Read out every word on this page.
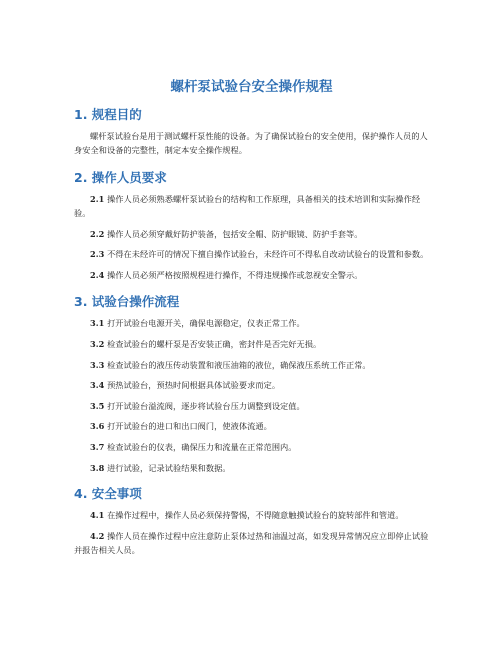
螺杆泵试验台安全操作规程
1. 规程目的

螺杆泵试验台是用于测试螺杆泵性能的设备。为了确保试验台的安全使用，保护操作人员的人身安全和设备的完整性，制定本安全操作规程。

2. 操作人员要求

2.1 操作人员必须熟悉螺杆泵试验台的结构和工作原理，具备相关的技术培训和实际操作经验。

2.2 操作人员必须穿戴好防护装备，包括安全帽、防护眼镜、防护手套等。

2.3 不得在未经许可的情况下擅自操作试验台，未经许可不得私自改动试验台的设置和参数。

2.4 操作人员必须严格按照规程进行操作，不得违规操作或忽视安全警示。

3. 试验台操作流程

3.1 打开试验台电源开关，确保电源稳定，仪表正常工作。

3.2 检查试验台的螺杆泵是否安装正确，密封件是否完好无损。

3.3 检查试验台的液压传动装置和液压油箱的液位，确保液压系统工作正常。

3.4 预热试验台，预热时间根据具体试验要求而定。

3.5 打开试验台溢流阀，逐步将试验台压力调整到设定值。

3.6 打开试验台的进口和出口阀门，使液体流通。

3.7 检查试验台的仪表，确保压力和流量在正常范围内。

3.8 进行试验，记录试验结果和数据。

4. 安全事项

4.1 在操作过程中，操作人员必须保持警惕，不得随意触摸试验台的旋转部件和管道。

4.2 操作人员在操作过程中应注意防止泵体过热和油温过高，如发现异常情况应立即停止试验并报告相关人员。
